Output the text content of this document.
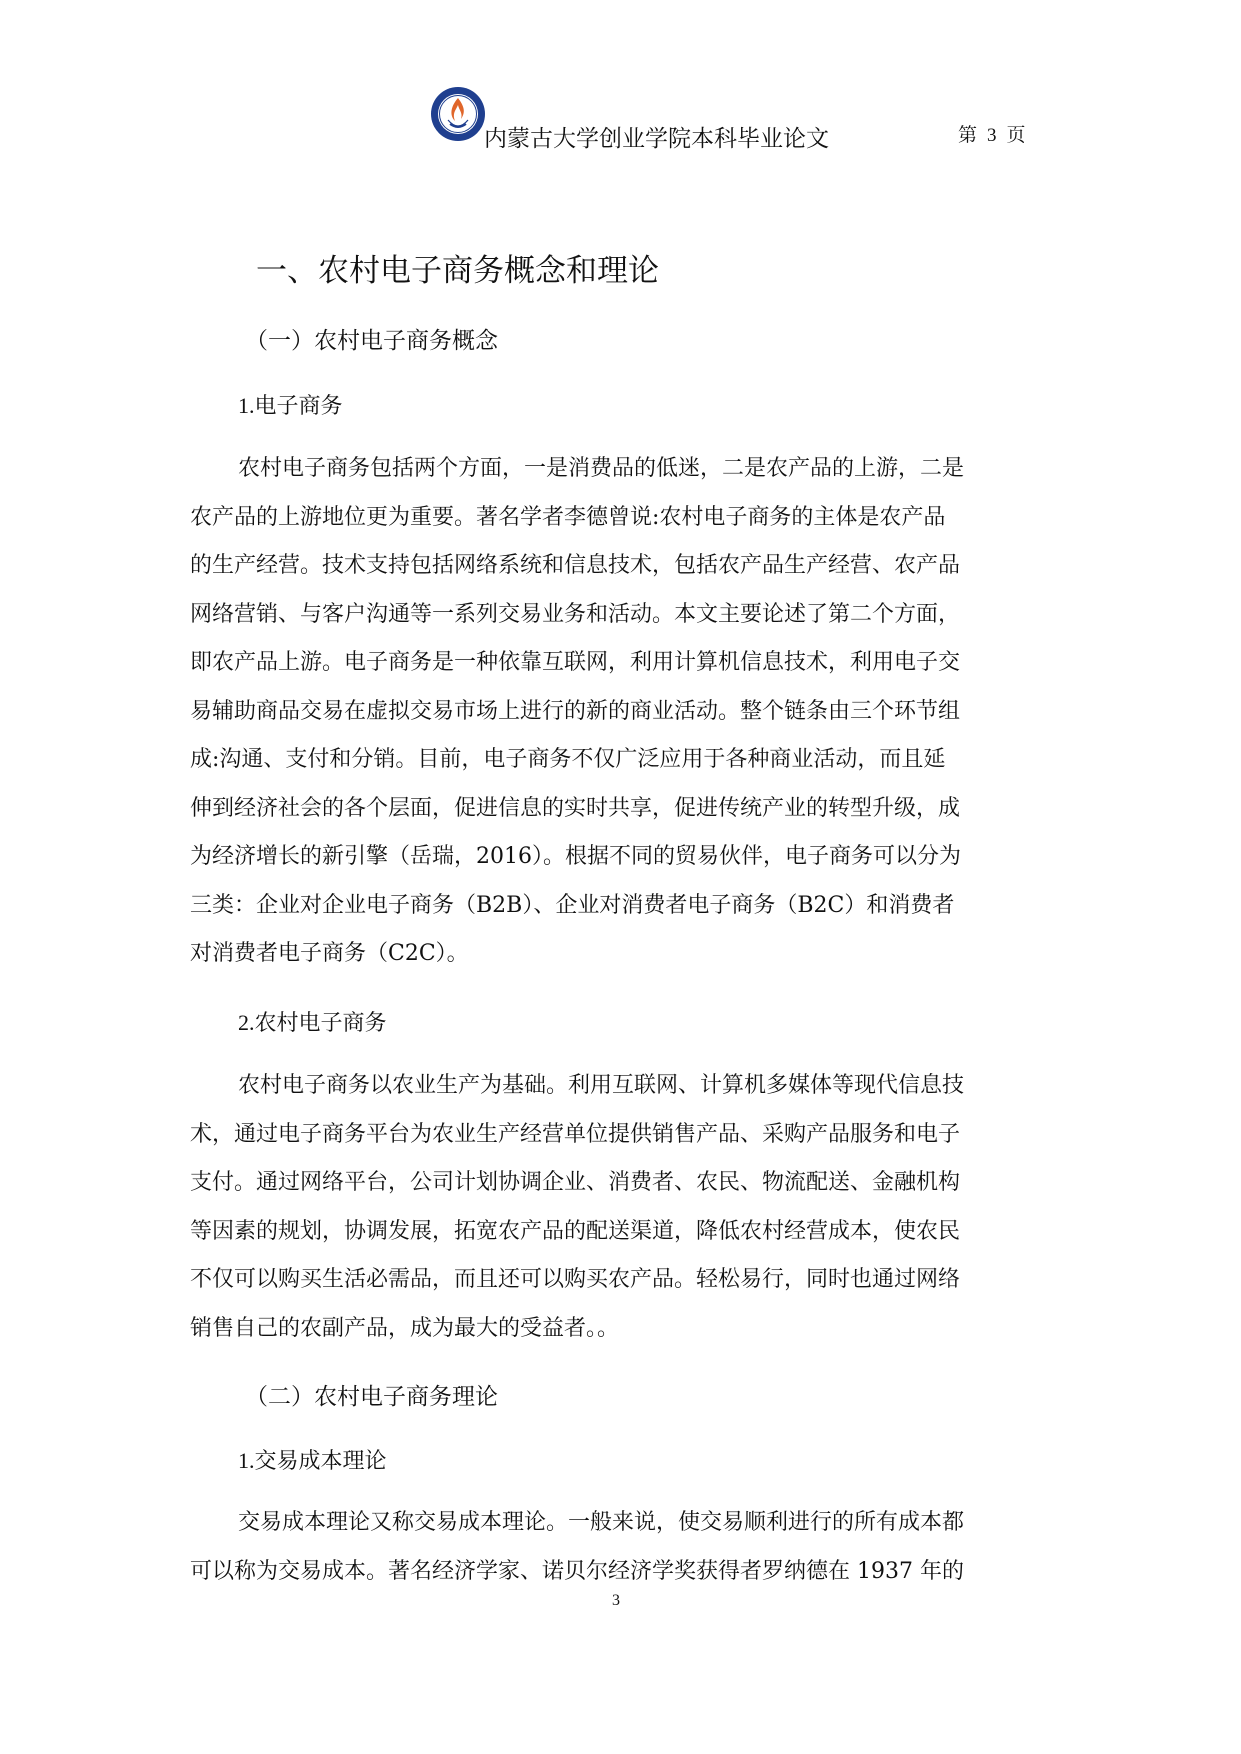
内蒙古大学创业学院本科毕业论文	第 3 页
一、农村电子商务概念和理论
（一）农村电子商务概念
1.电子商务
农村电子商务包括两个方面，一是消费品的低迷，二是农产品的上游，二是
农产品的上游地位更为重要。著名学者李德曾说:农村电子商务的主体是农产品
的生产经营。技术支持包括网络系统和信息技术，包括农产品生产经营、农产品
网络营销、与客户沟通等一系列交易业务和活动。本文主要论述了第二个方面，
即农产品上游。电子商务是一种依靠互联网，利用计算机信息技术，利用电子交
易辅助商品交易在虚拟交易市场上进行的新的商业活动。整个链条由三个环节组
成:沟通、支付和分销。目前，电子商务不仅广泛应用于各种商业活动，而且延
伸到经济社会的各个层面，促进信息的实时共享，促进传统产业的转型升级，成
为经济增长的新引擎（岳瑞，2016）。根据不同的贸易伙伴，电子商务可以分为
三类：企业对企业电子商务（B2B）、企业对消费者电子商务（B2C）和消费者
对消费者电子商务（C2C）。
2.农村电子商务
农村电子商务以农业生产为基础。利用互联网、计算机多媒体等现代信息技
术，通过电子商务平台为农业生产经营单位提供销售产品、采购产品服务和电子
支付。通过网络平台，公司计划协调企业、消费者、农民、物流配送、金融机构
等因素的规划，协调发展，拓宽农产品的配送渠道，降低农村经营成本，使农民
不仅可以购买生活必需品，而且还可以购买农产品。轻松易行，同时也通过网络
销售自己的农副产品，成为最大的受益者。。
（二）农村电子商务理论
1.交易成本理论
交易成本理论又称交易成本理论。一般来说，使交易顺利进行的所有成本都
可以称为交易成本。著名经济学家、诺贝尔经济学奖获得者罗纳德在 1937 年的
3
